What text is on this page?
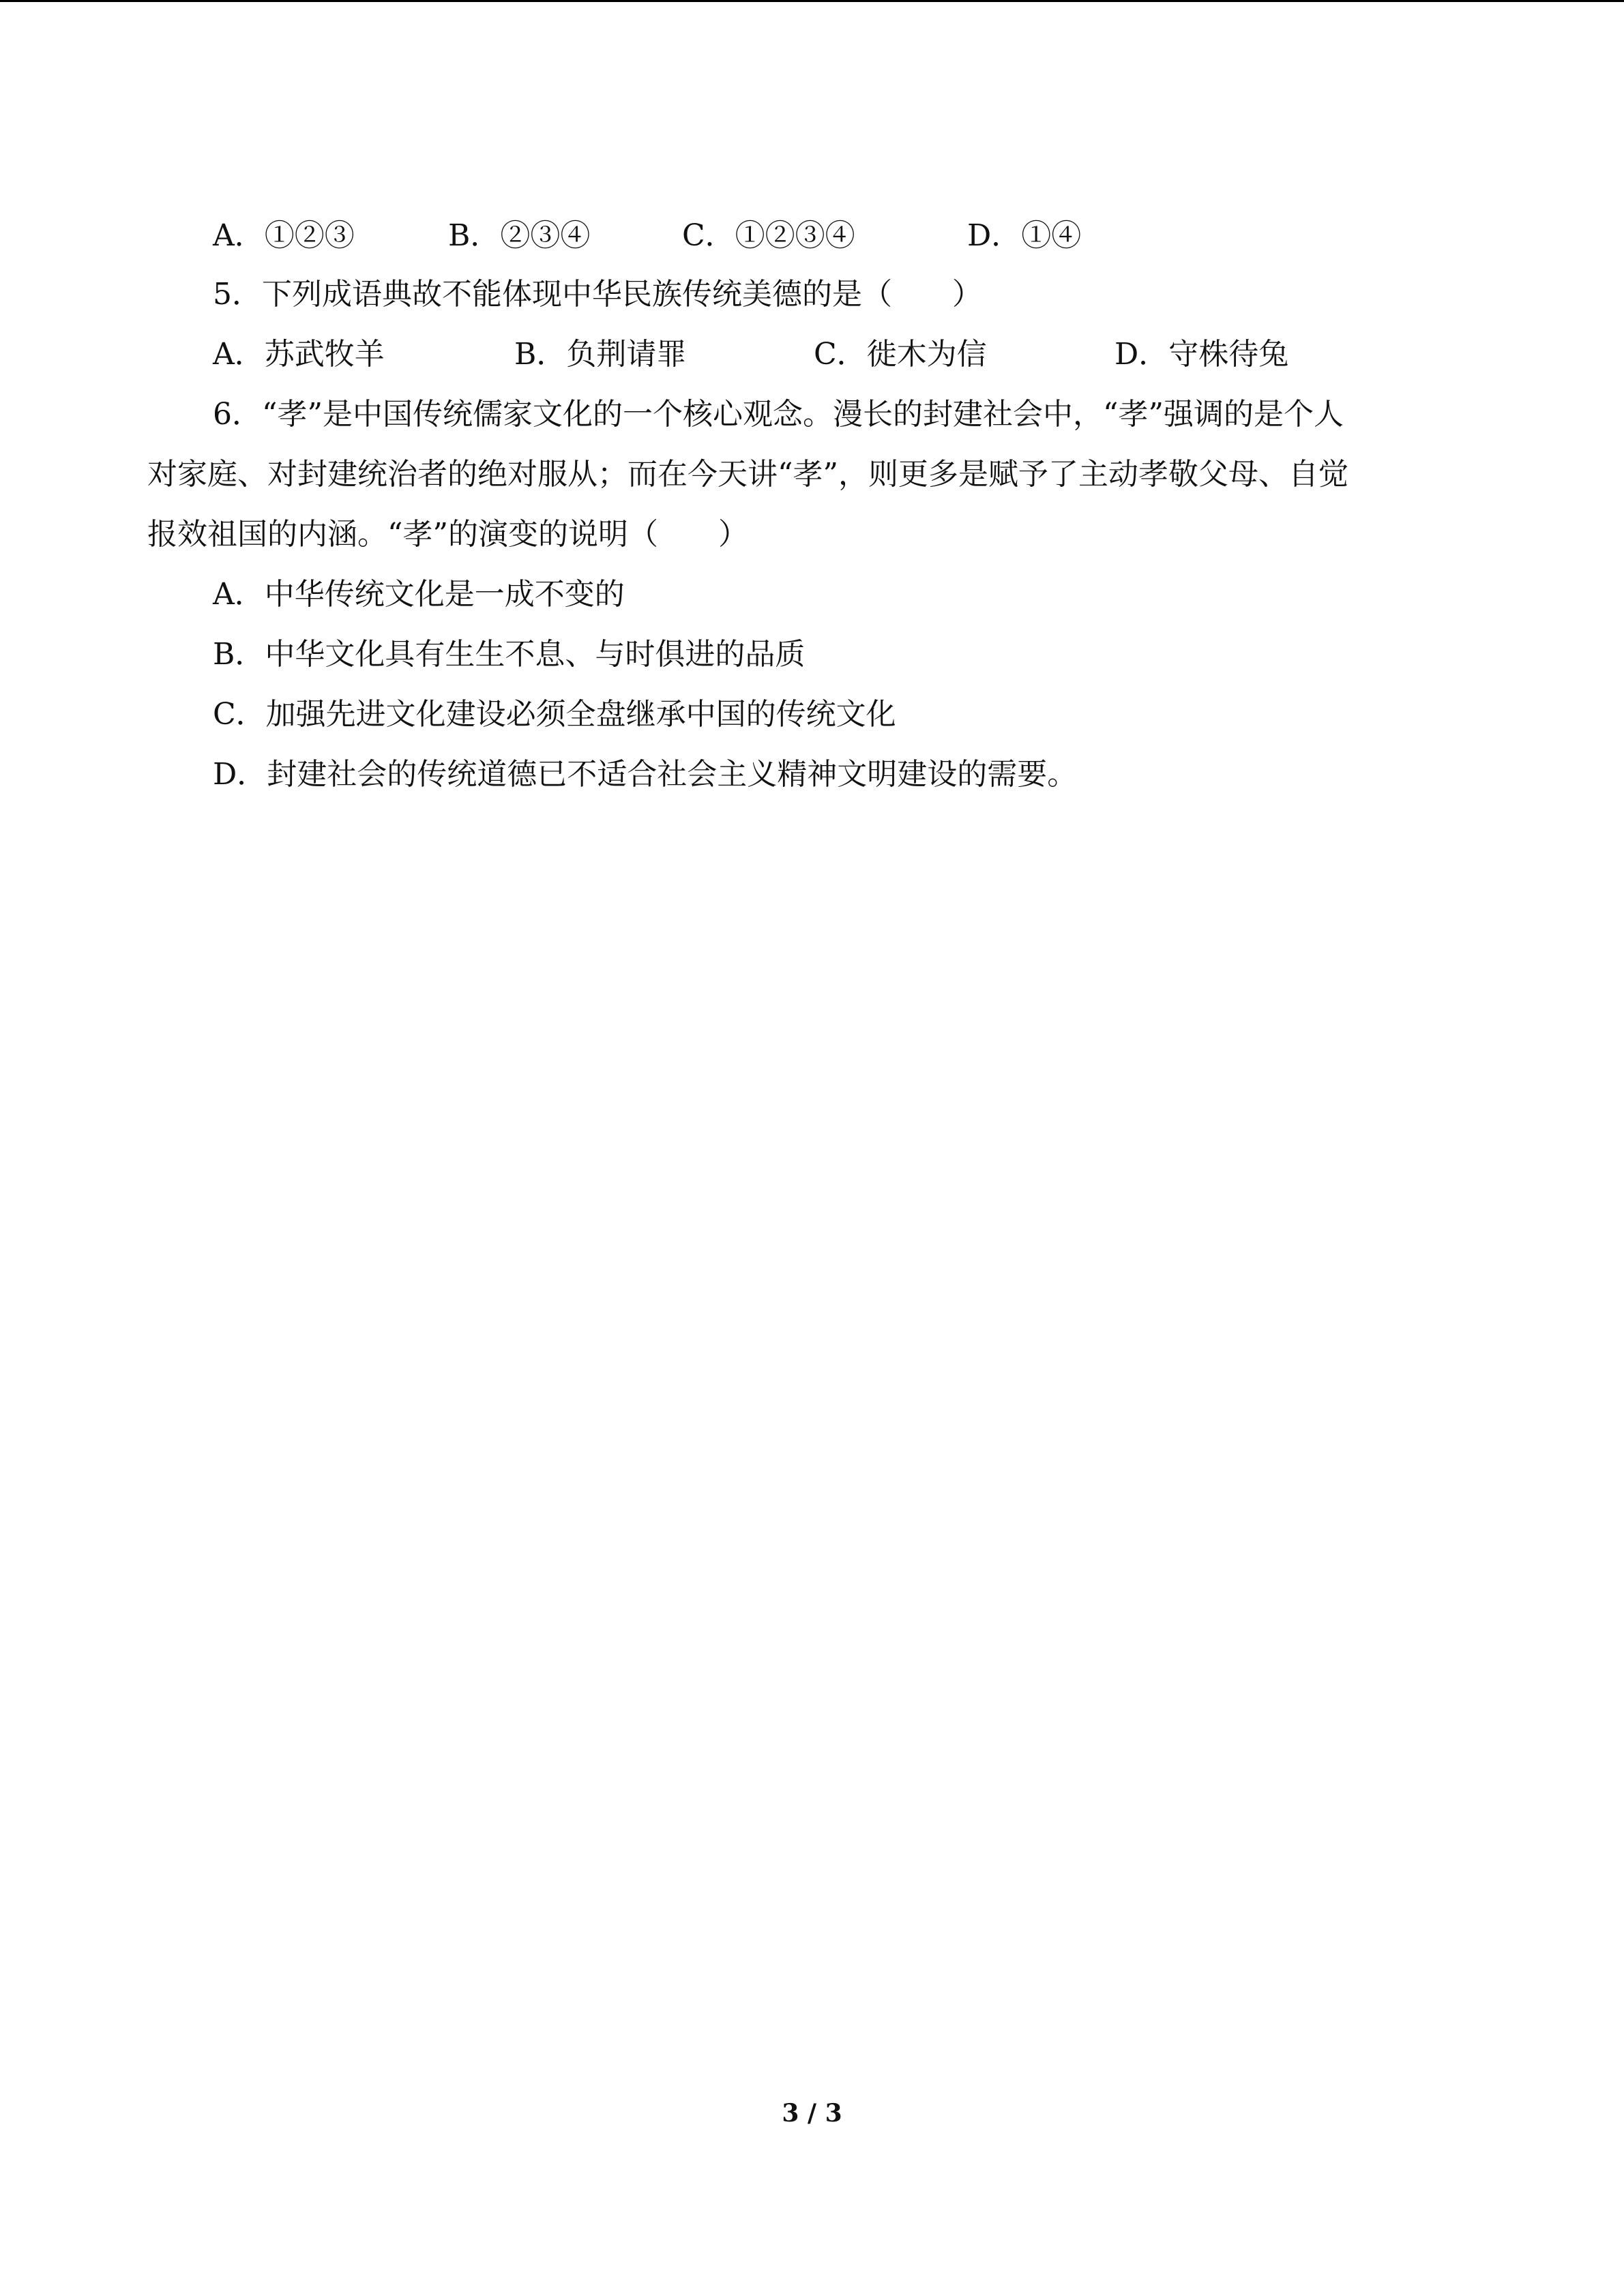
A．①②③	B．②③④	C．①②③④	D．①④
5．下列成语典故不能体现中华民族传统美德的是（　　）
A．苏武牧羊	B．负荆请罪	C．徙木为信	D．守株待兔
6．“孝”是中国传统儒家文化的一个核心观念。漫长的封建社会中，“孝”强调的是个人
对家庭、对封建统治者的绝对服从；而在今天讲“孝”，则更多是赋予了主动孝敬父母、自觉
报效祖国的内涵。“孝”的演变的说明（　　）
A．中华传统文化是一成不变的
B．中华文化具有生生不息、与时俱进的品质
C．加强先进文化建设必须全盘继承中国的传统文化
D．封建社会的传统道德已不适合社会主义精神文明建设的需要。
3 / 3
